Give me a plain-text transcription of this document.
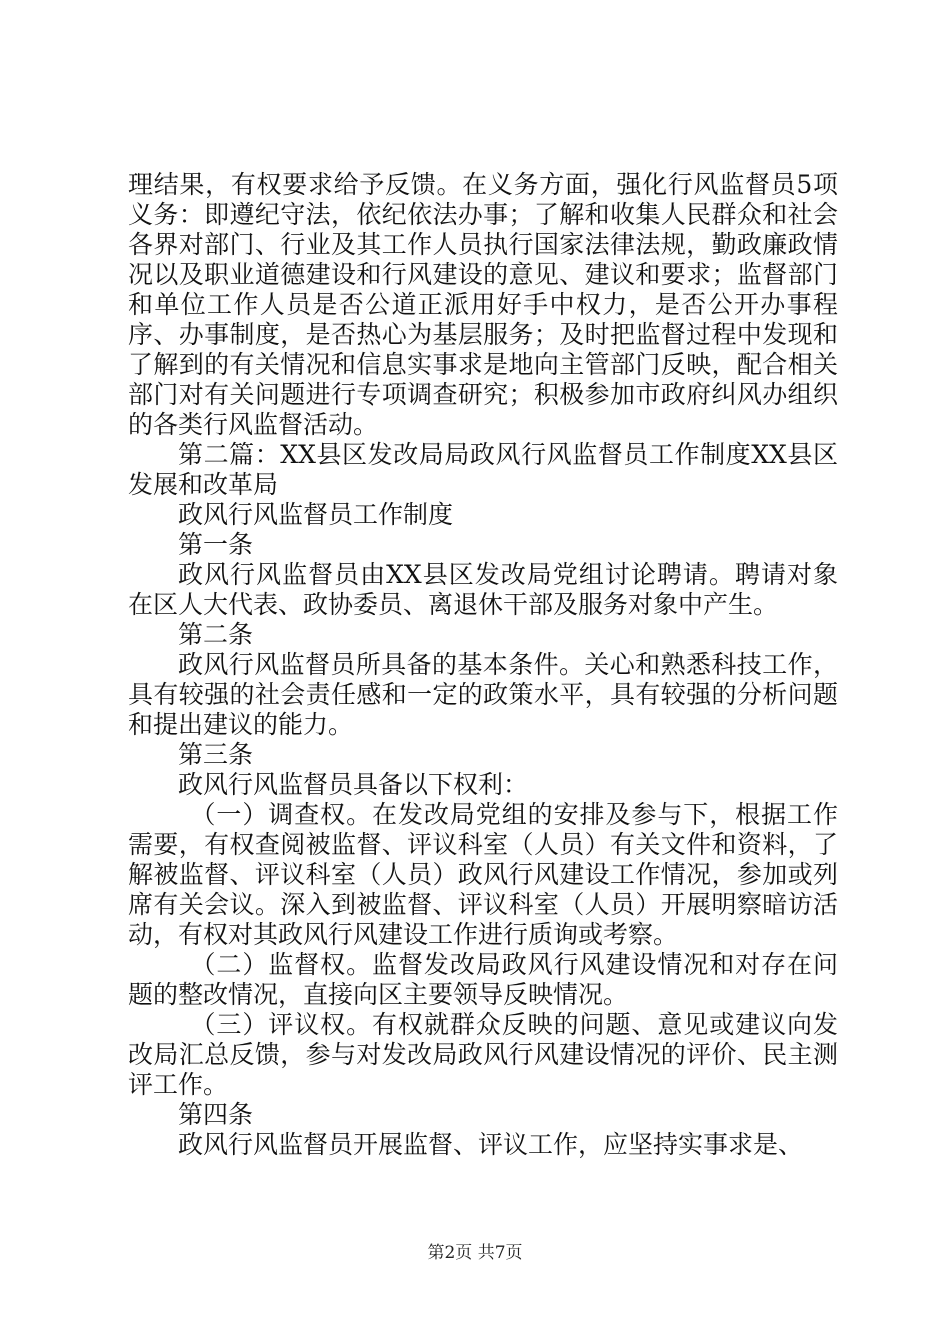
理结果，有权要求给予反馈。在义务方面，强化行风监督员5项义务：即遵纪守法，依纪依法办事；了解和收集人民群众和社会各界对部门、行业及其工作人员执行国家法律法规，勤政廉政情况以及职业道德建设和行风建设的意见、建议和要求；监督部门和单位工作人员是否公道正派用好手中权力，是否公开办事程序、办事制度，是否热心为基层服务；及时把监督过程中发现和了解到的有关情况和信息实事求是地向主管部门反映，配合相关部门对有关问题进行专项调查研究；积极参加市政府纠风办组织的各类行风监督活动。

第二篇：XX县区发改局局政风行风监督员工作制度XX县区发展和改革局

政风行风监督员工作制度

第一条

政风行风监督员由XX县区发改局党组讨论聘请。聘请对象在区人大代表、政协委员、离退休干部及服务对象中产生。

第二条

政风行风监督员所具备的基本条件。关心和熟悉科技工作，具有较强的社会责任感和一定的政策水平，具有较强的分析问题和提出建议的能力。

第三条

政风行风监督员具备以下权利：

（一）调查权。在发改局党组的安排及参与下，根据工作需要，有权查阅被监督、评议科室（人员）有关文件和资料，了解被监督、评议科室（人员）政风行风建设工作情况，参加或列席有关会议。深入到被监督、评议科室（人员）开展明察暗访活动，有权对其政风行风建设工作进行质询或考察。

（二）监督权。监督发改局政风行风建设情况和对存在问题的整改情况，直接向区主要领导反映情况。

（三）评议权。有权就群众反映的问题、意见或建议向发改局汇总反馈，参与对发改局政风行风建设情况的评价、民主测评工作。

第四条

政风行风监督员开展监督、评议工作，应坚持实事求是、

第2页 共7页
